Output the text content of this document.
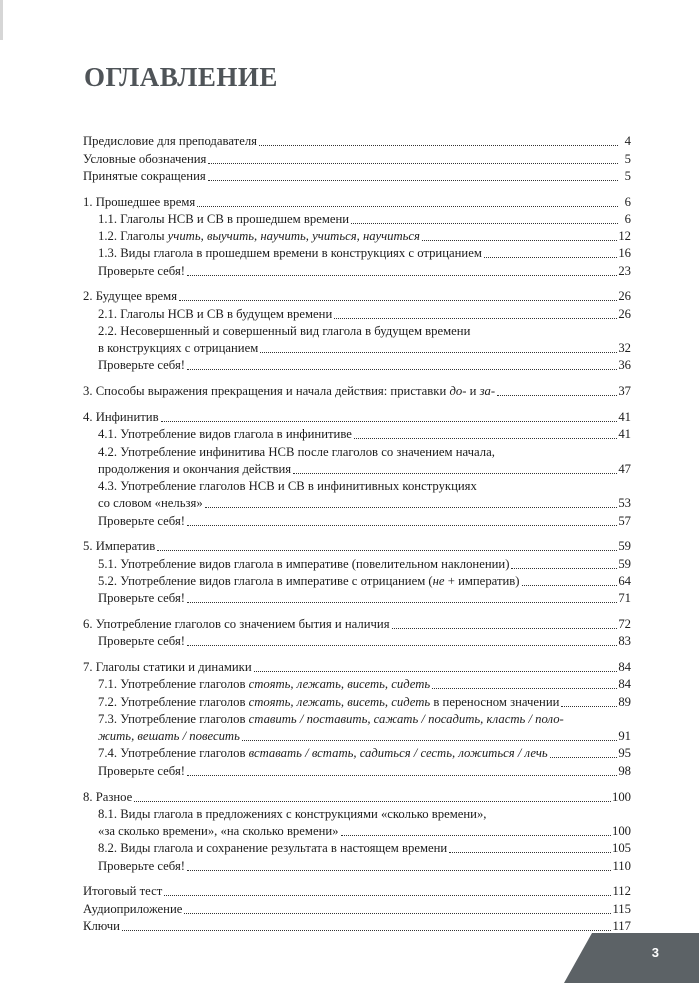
ОГЛАВЛЕНИЕ
Предисловие для преподавателя	4
Условные обозначения	5
Принятые сокращения	5
1. Прошедшее время	6
1.1. Глаголы НСВ и СВ в прошедшем времени	6
1.2. Глаголы учить, выучить, научить, учиться, научиться	12
1.3. Виды глагола в прошедшем времени в конструкциях с отрицанием	16
Проверьте себя!	23
2. Будущее время	26
2.1. Глаголы НСВ и СВ в будущем времени	26
2.2. Несовершенный и совершенный вид глагола в будущем времени
в конструкциях с отрицанием	32
Проверьте себя!	36
3. Способы выражения прекращения и начала действия: приставки до- и за-	37
4. Инфинитив	41
4.1. Употребление видов глагола в инфинитиве	41
4.2. Употребление инфинитива НСВ после глаголов со значением начала,
продолжения и окончания действия	47
4.3. Употребление глаголов НСВ и СВ в инфинитивных конструкциях
со словом «нельзя»	53
Проверьте себя!	57
5. Императив	59
5.1. Употребление видов глагола в императиве (повелительном наклонении)	59
5.2. Употребление видов глагола в императиве с отрицанием (не + императив)	64
Проверьте себя!	71
6. Употребление глаголов со значением бытия и наличия	72
Проверьте себя!	83
7. Глаголы статики и динамики	84
7.1. Употребление глаголов стоять, лежать, висеть, сидеть	84
7.2. Употребление глаголов стоять, лежать, висеть, сидеть в переносном значении	89
7.3. Употребление глаголов ставить / поставить, сажать / посадить, класть / поло-
жить, вешать / повесить	91
7.4. Употребление глаголов вставать / встать, садиться / сесть, ложиться / лечь	95
Проверьте себя!	98
8. Разное	100
8.1. Виды глагола в предложениях с конструкциями «сколько времени»,
«за сколько времени», «на сколько времени»	100
8.2. Виды глагола и сохранение результата в настоящем времени	105
Проверьте себя!	110
Итоговый тест	112
Аудиоприложение	115
Ключи	117
3
